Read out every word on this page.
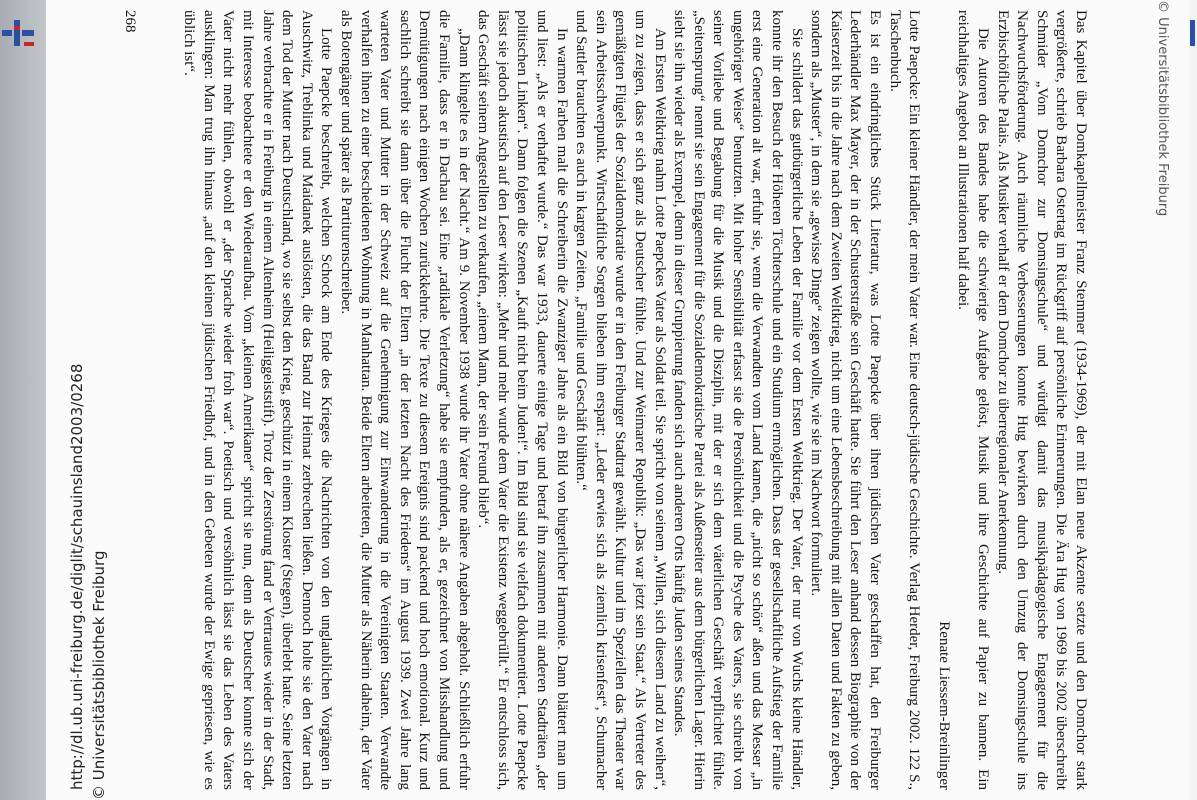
Das Kapitel über Domkapellmeister Franz Stemmer (1934-1969), der mit Elan neue Akzente setzte und den Domchor stark vergrößerte, schrieb Barbara Ostertag im Rückgriff auf persönliche Erinnerungen. Die Ära Hug von 1969 bis 2002 überschreibt Schmider „Vom Domchor zur Domsingschule“ und würdigt damit das musikpädagogische Engagement für die Nachwuchsförderung. Auch räumliche Verbesserungen konnte Hug bewirken durch den Umzug der Domsingschule ins Erzbischöfliche Palais. Als Musiker verhalf er dem Domchor zu überregionaler Anerkennung.

Die Autoren des Bandes habe die schwierige Aufgabe gelöst, Musik und ihre Geschichte auf Papier zu bannen. Ein reichhaltiges Angebot an Illustrationen half dabei.

Renate Liessem-Breinlinger

Lotte Paepcke: Ein kleiner Händler, der mein Vater war. Eine deutsch-jüdische Geschichte. Verlag Herder, Freiburg 2002. 122 S., Taschenbuch.

Es ist ein eindringliches Stück Literatur, was Lotte Paepcke über ihren jüdischen Vater geschaffen hat, den Freiburger Lederhändler Max Mayer, der in der Schusterstraße sein Geschäft hatte. Sie führt den Leser anhand dessen Biographie von der Kaiserzeit bis in die Jahre nach dem Zweiten Weltkrieg, nicht um eine Lebensbeschreibung mit allen Daten und Fakten zu geben, sondern als „Muster“, in dem sie „gewisse Dinge“ zeigen wollte, wie sie im Nachwort formuliert.

Sie schildert das gutbürgerliche Leben der Familie vor dem Ersten Weltkrieg. Der Vater, der nur von Wuchs kleine Händler, konnte ihr den Besuch der Höheren Töchterschule und ein Studium ermöglichen. Dass der gesellschaftliche Aufstieg der Familie erst eine Generation alt war, erfuhr sie, wenn die Verwandten vom Land kamen, die „nicht so schön“ aßen und das Messer „in ungehöriger Weise“ benutzten. Mit hoher Sensibilität erfasst sie die Persönlichkeit und die Psyche des Vaters, sie schreibt von seiner Vorliebe und Begabung für die Musik und die Disziplin, mit der er sich dem väterlichen Geschäft verpflichtet fühlte. „Seitensprung“ nennt sie sein Engagement für die Sozialdemokratische Partei als Außenseiter aus dem bürgerlichen Lager. Hierin sieht sie ihn wieder als Exempel, denn in dieser Gruppierung fanden sich auch anderen Orts häufig Juden seines Standes.

Am Ersten Weltkrieg nahm Lotte Paepckes Vater als Soldat teil. Sie spricht von seinem „Willen, sich diesem Land zu weihen“, um zu zeigen, dass er sich ganz als Deutscher fühlte. Und zur Weimarer Republik: „Das war jetzt sein Staat.“ Als Vertreter des gemäßigten Flügels der Sozialdemokratie wurde er in den Freiburger Stadtrat gewählt. Kultur und im Speziellen das Theater war sein Arbeitsschwerpunkt. Wirtschaftliche Sorgen blieben ihm erspart: „Leder erwies sich als ziemlich krisenfest“, Schumacher und Sattler brauchten es auch in kargen Zeiten. „Familie und Geschäft blühten.“

In warmen Farben malt die Schreiberin die Zwanziger Jahre als ein Bild von bürgerlicher Harmonie. Dann blättert man um und liest: „Als er verhaftet wurde.“ Das war 1933, dauerte einige Tage und betraf ihn zusammen mit anderen Stadträten „der politischen Linken“. Dann folgen die Szenen „Kauft nicht beim Juden!“. Im Bild sind sie vielfach dokumentiert. Lotte Paepcke lässt sie jedoch akustisch auf den Leser wirken: „Mehr und mehr wurde dem Vater die Existenz weggebrüllt.“ Er entschloss sich, das Geschäft seinem Angestellten zu verkaufen, „einem Mann, der sein Freund blieb“.

„Dann klingelte es in der Nacht.“ Am 9. November 1938 wurde ihr Vater ohne nähere Angaben abgeholt. Schließlich erfuhr die Familie, dass er in Dachau sei. Eine „radikale Verletzung“ habe sie empfunden, als er, gezeichnet von Misshandlung und Demütigungen nach einigen Wochen zurückkehrte. Die Texte zu diesem Ereignis sind packend und hoch emotional. Kurz und sachlich schreibt sie dann über die Flucht der Eltern „in der letzten Nacht des Friedens“ im August 1939. Zwei Jahre lang warteten Vater und Mutter in der Schweiz auf die Genehmigung zur Einwanderung in die Vereinigten Staaten. Verwandte verhalfen ihnen zu einer bescheidenen Wohnung in Manhattan. Beide Eltern arbeiteten, die Mutter als Näherin daheim, der Vater als Botengänger und später als Partiturenschreiber.

Lotte Paepcke beschreibt, welchen Schock am Ende des Krieges die Nachrichten von den unglaublichen Vorgängen in Auschwitz, Treblinka und Maidanek auslösten, die das Band zur Heimat zerbrechen ließen. Dennoch holte sie den Vater nach dem Tod der Mutter nach Deutschland, wo sie selbst den Krieg, geschützt in einem Kloster (Stegen), überlebt hatte. Seine letzten Jahre verbrachte er in Freiburg in einem Altenheim (Heiliggeiststift). Trotz der Zerstörung fand er Vertrautes wieder in der Stadt, mit Interesse beobachtete er den Wiederaufbau. Vom „kleinen Amerikaner“ spricht sie nun, denn als Deutscher konnte sich der Vater nicht mehr fühlen, obwohl er „der Sprache wieder froh war“. Poetisch und versöhnlich lässt sie das Leben des Vaters ausklingen: Man trug ihn hinaus „auf den kleinen jüdischen Friedhof, und in den Gebeten wurde der Ewige gepriesen, wie es üblich ist“.

268
http://dl.ub.uni-freiburg.de/diglit/schauinsland2003/0268 © Universitätsbibliothek Freiburg
© Universitätsbibliothek Freiburg
